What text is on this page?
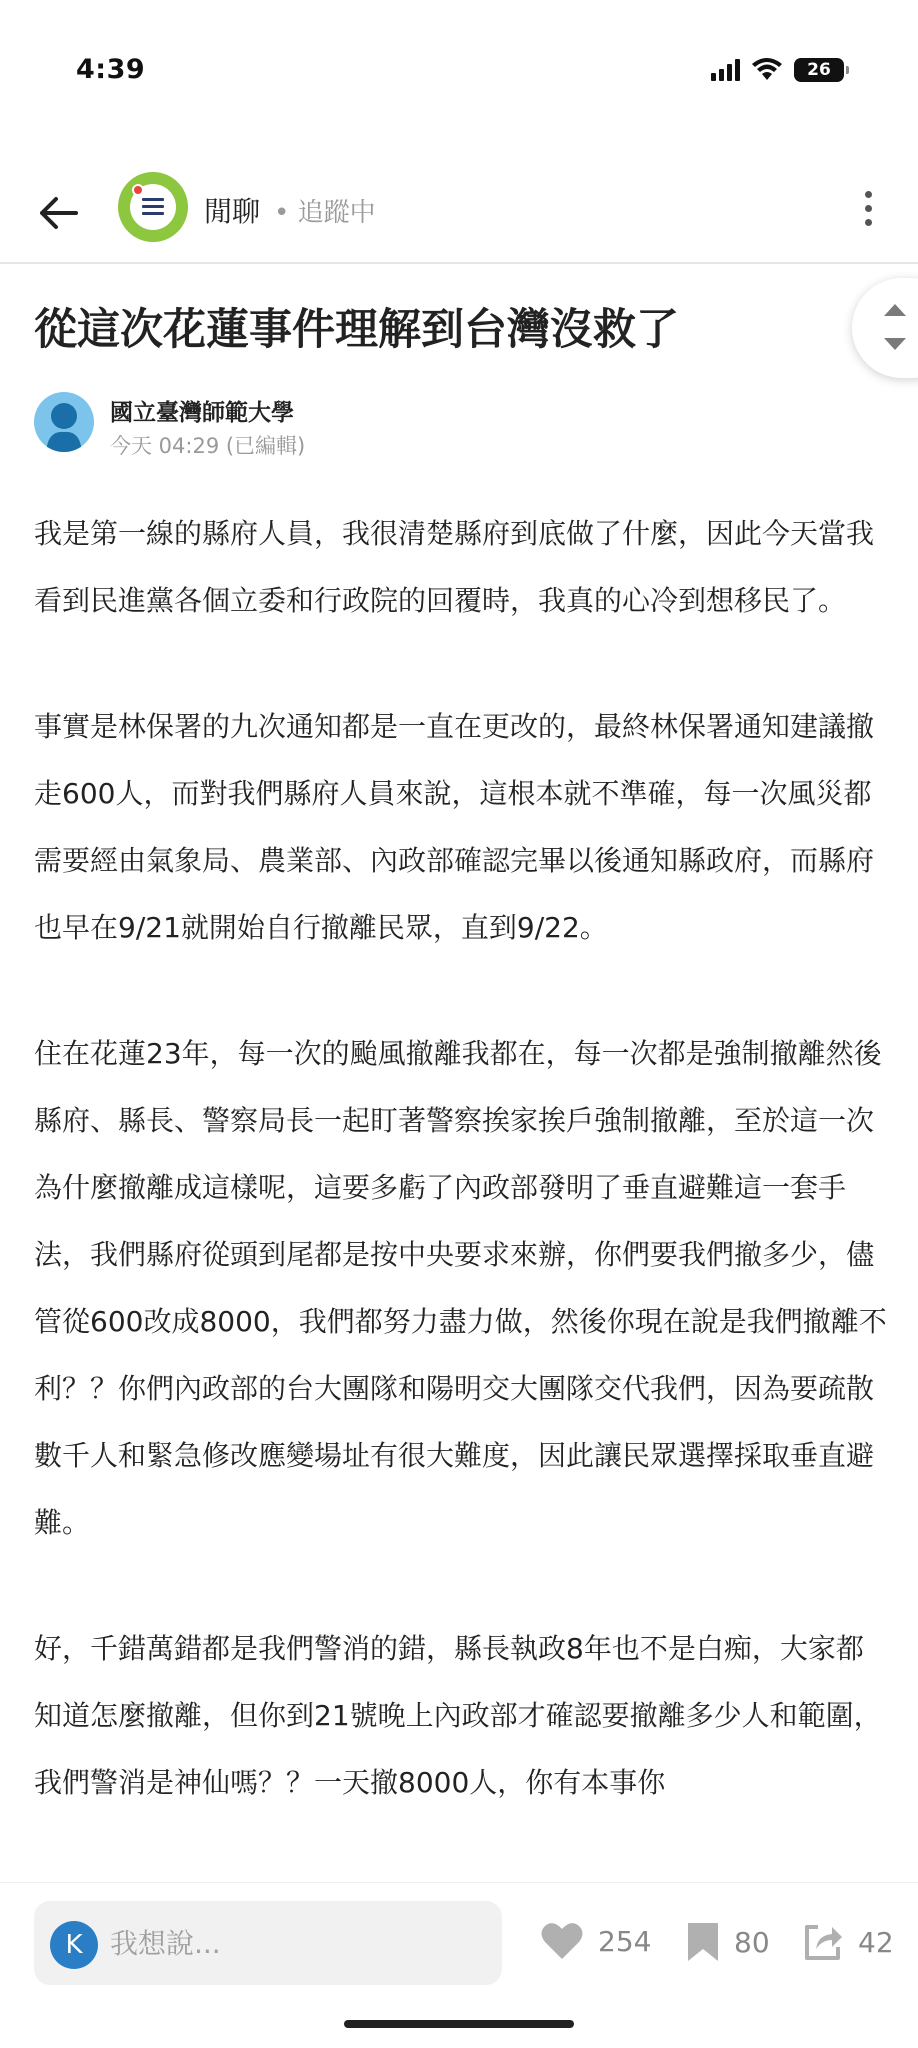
4:39	26
閒聊 • 追蹤中
從這次花蓮事件理解到台灣沒救了
國立臺灣師範大學
今天 04:29 (已編輯)

我是第一線的縣府人員，我很清楚縣府到底做了什麼，因此今天當我看到民進黨各個立委和行政院的回覆時，我真的心冷到想移民了。

事實是林保署的九次通知都是一直在更改的，最終林保署通知建議撤走600人，而對我們縣府人員來說，這根本就不準確，每一次風災都需要經由氣象局、農業部、內政部確認完畢以後通知縣政府，而縣府也早在9/21就開始自行撤離民眾，直到9/22。

住在花蓮23年，每一次的颱風撤離我都在，每一次都是強制撤離然後縣府、縣長、警察局長一起盯著警察挨家挨戶強制撤離，至於這一次為什麼撤離成這樣呢，這要多虧了內政部發明了垂直避難這一套手法，我們縣府從頭到尾都是按中央要求來辦，你們要我們撤多少，儘管從600改成8000，我們都努力盡力做，然後你現在說是我們撤離不利？？你們內政部的台大團隊和陽明交大團隊交代我們，因為要疏散數千人和緊急修改應變場址有很大難度，因此讓民眾選擇採取垂直避難。

好，千錯萬錯都是我們警消的錯，縣長執政8年也不是白痴，大家都知道怎麼撤離，但你到21號晚上內政部才確認要撤離多少人和範圍，我們警消是神仙嗎？？一天撤8000人，你有本事你

K
我想說...	254	80	42
